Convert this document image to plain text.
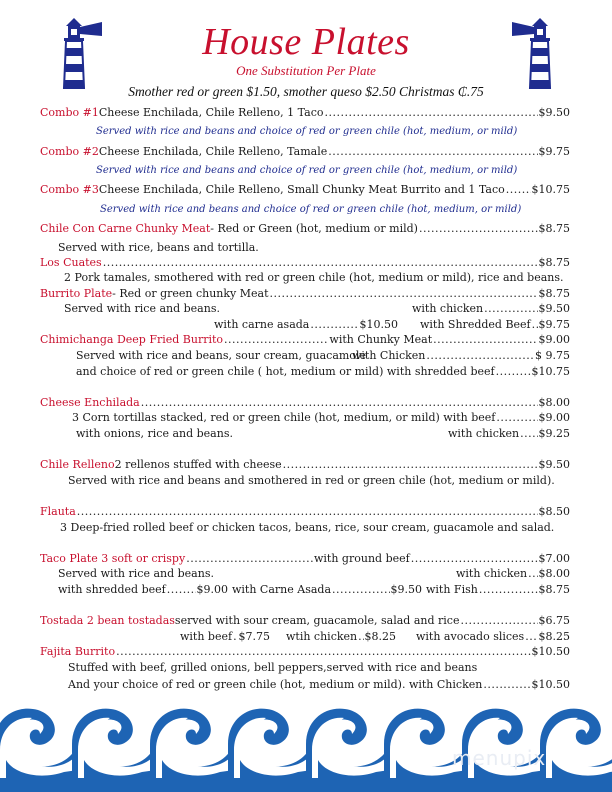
House Plates
One Substitution Per Plate
Smother red or green $1.50, smother queso $2.50 Christmas ₵.75
Combo #1 Cheese Enchilada, Chile Relleno, 1 Taco .....	$9.50
Served with rice and beans and choice of red or green chile (hot, medium, or mild)
Combo #2 Cheese Enchilada, Chile Relleno, Tamale .....	$9.75
Served with rice and beans and choice of red or green chile (hot, medium, or mild)
Combo #3 Cheese Enchilada, Chile Relleno, Small Chunky Meat Burrito and 1 Taco ..... $10.75
Served with rice and beans and choice of red or green chile (hot, medium, or mild)
Chile Con Carne Chunky Meat - Red or Green (hot, medium or mild) .....	$8.75
Served with rice, beans and tortilla.
Los Cuates .....	$8.75
2 Pork tamales, smothered with red or green chile (hot, medium or mild), rice and beans.
Burrito Plate - Red or green chunky Meat .....	$8.75
Served with rice and beans.	with chicken .....	$9.50
with carne asada .....	$10.50 with Shredded Beef ..... $9.75
Chimichanga Deep Fried Burrito .....	with Chunky Meat .....	$9.00
Served with rice and beans, sour cream, guacamole
with Chicken .....	$ 9.75
and choice of red or green chile ( hot, medium or mild) with shredded beef .....	$10.75
Cheese Enchilada .....	$8.00
3 Corn tortillas stacked, red or green chile (hot, medium, or mild) with beef .....	$9.00
with onions, rice and beans.	with chicken ..... $9.25
Chile Relleno 2 rellenos stuffed with cheese .....	$9.50
Served with rice and beans and smothered in red or green chile (hot, medium or mild).
Flauta .....	$8.50
3 Deep-fried rolled beef or chicken tacos, beans, rice, sour cream, guacamole and salad.
Taco Plate 3 soft or crispy .....	with ground beef .....	$7.00
Served with rice and beans.	with chicken ..... $8.00
with shredded beef .....	$9.00 with Carne Asada .....	$9.50 with Fish .....	$8.75
Tostada 2 bean tostadas served with sour cream, guacamole, salad and rice .....	$6.75
with beef ..... $7.75 wtih chicken ..... $8.25 with avocado slices ..... $8.25
Fajita Burrito .....	$10.50
Stuffed with beef, grilled onions, bell peppers,served with rice and beans
And your choice of red or green chile (hot, medium or mild). with Chicken .....	$10.50
menupix
